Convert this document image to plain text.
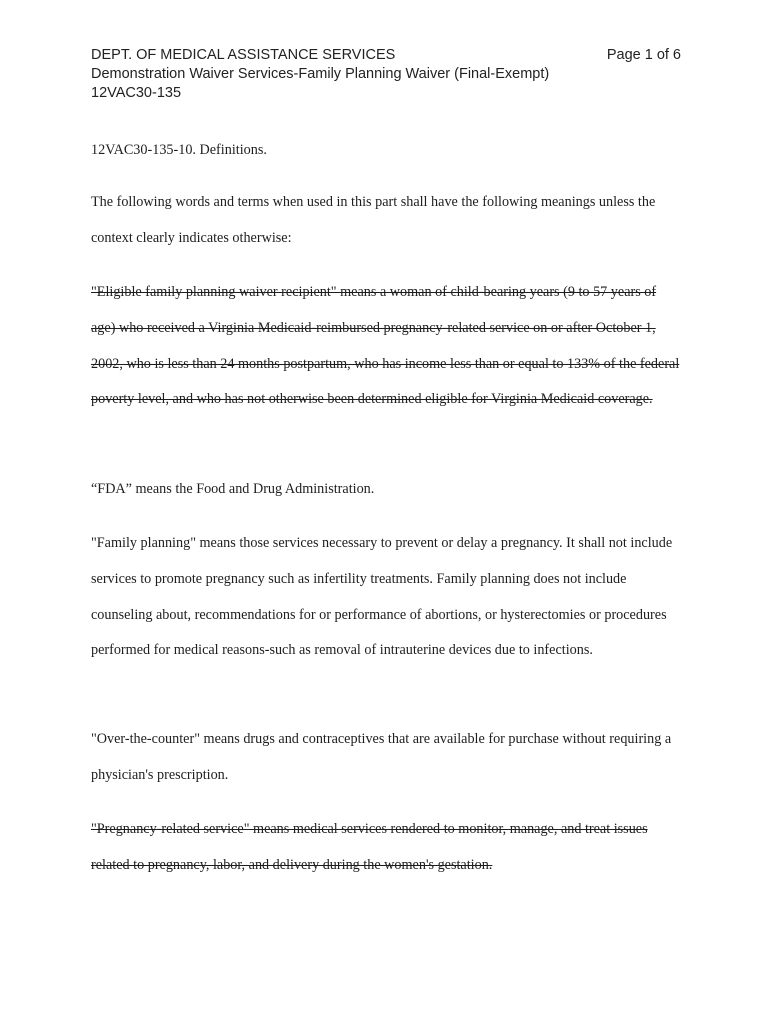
DEPT. OF MEDICAL ASSISTANCE SERVICES	Page 1 of 6
Demonstration Waiver Services-Family Planning Waiver (Final-Exempt)
12VAC30-135
12VAC30-135-10. Definitions.

The following words and terms when used in this part shall have the following meanings unless the context clearly indicates otherwise:

"Eligible family planning waiver recipient" means a woman of child-bearing years (9 to 57 years of age) who received a Virginia Medicaid-reimbursed pregnancy-related service on or after October 1, 2002, who is less than 24 months postpartum, who has income less than or equal to 133% of the federal poverty level, and who has not otherwise been determined eligible for Virginia Medicaid coverage.

“FDA” means the Food and Drug Administration.

"Family planning" means those services necessary to prevent or delay a pregnancy. It shall not include services to promote pregnancy such as infertility treatments. Family planning does not include counseling about, recommendations for or performance of abortions, or hysterectomies or procedures performed for medical reasons-such as removal of intrauterine devices due to infections.

"Over-the-counter" means drugs and contraceptives that are available for purchase without requiring a physician's prescription.

"Pregnancy-related service" means medical services rendered to monitor, manage, and treat issues related to pregnancy, labor, and delivery during the women's gestation.
